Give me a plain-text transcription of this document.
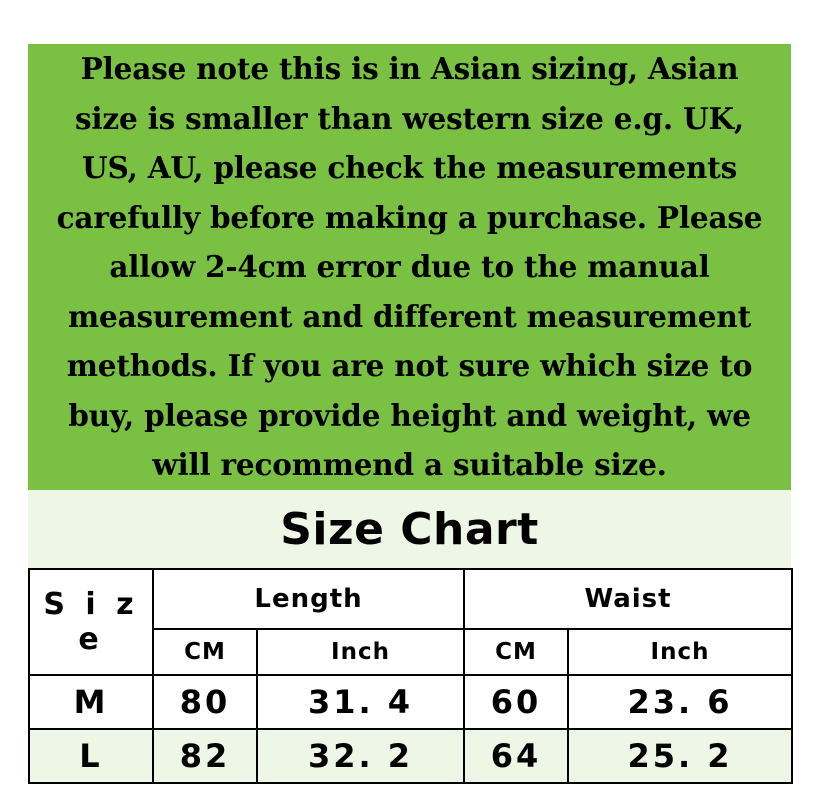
Please note this is in Asian sizing, Asian size is smaller than western size e.g. UK, US, AU, please check the measurements carefully before making a purchase. Please allow 2-4cm error due to the manual measurement and different measurement methods. If you are not sure which size to buy, please provide height and weight, we will recommend a suitable size.
Size Chart
S i z e	Length		Waist	
	CM	Inch	CM	Inch
M	80	31. 4	60	23. 6
L	82	32. 2	64	25. 2
